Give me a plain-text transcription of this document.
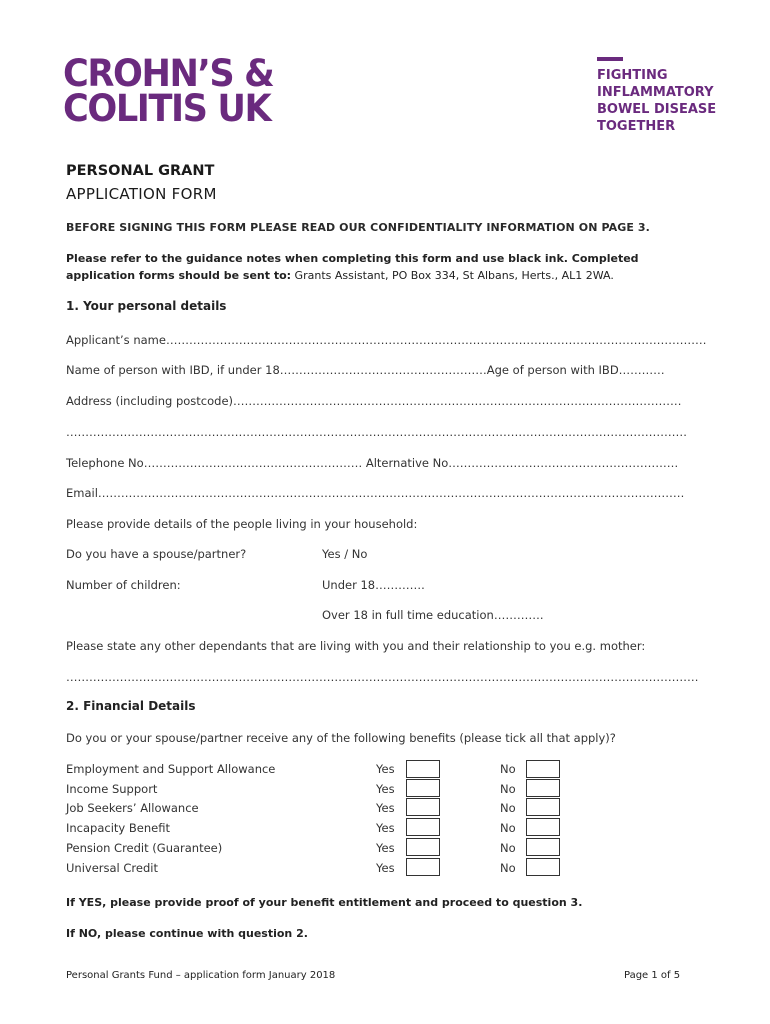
CROHN’S &
COLITIS UK
FIGHTING
INFLAMMATORY
BOWEL DISEASE
TOGETHER
PERSONAL GRANT
APPLICATION FORM
BEFORE SIGNING THIS FORM PLEASE READ OUR CONFIDENTIALITY INFORMATION ON PAGE 3.
Please refer to the guidance notes when completing this form and use black ink. Completed
application forms should be sent to: Grants Assistant, PO Box 334, St Albans, Herts., AL1 2WA.
1. Your personal details
Applicant’s name……………………………………………………………………………………………………………………………
Name of person with IBD, if under 18………………………………………………Age of person with IBD…………
Address (including postcode)………………………………………………………………………………………………………
………………………………………………………………………………………………………………………………………………
Telephone No………………………………………………… Alternative No……………………………………………………
Email………………………………………………………………………………………………………………………………………
Please provide details of the people living in your household:
Do you have a spouse/partner?	Yes / No
Number of children:	Under 18………….
Over 18 in full time education………….
Please state any other dependants that are living with you and their relationship to you e.g. mother:
…………………………………………………………………………………………………………………………………………………
2. Financial Details
Do you or your spouse/partner receive any of the following benefits (please tick all that apply)?
Employment and Support Allowance	Yes	No
Income Support	Yes	No
Job Seekers’ Allowance	Yes	No
Incapacity Benefit	Yes	No
Pension Credit (Guarantee)	Yes	No
Universal Credit	Yes	No
If YES, please provide proof of your benefit entitlement and proceed to question 3.
If NO, please continue with question 2.
Personal Grants Fund – application form January 2018	Page 1 of 5
